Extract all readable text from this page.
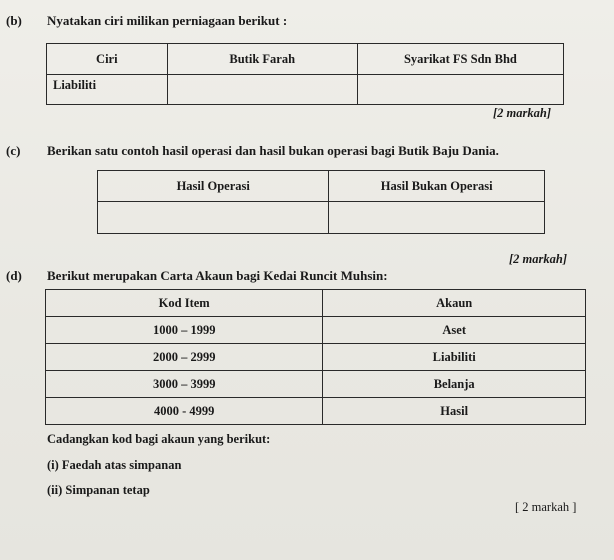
(b) Nyatakan ciri milikan perniagaan berikut :
Ciri	Butik Farah	Syarikat FS Sdn Bhd
Liabiliti		
[2 markah]
(c) Berikan satu contoh hasil operasi dan hasil bukan operasi bagi Butik Baju Dania.
Hasil Operasi	Hasil Bukan Operasi

[2 markah]
(d) Berikut merupakan Carta Akaun bagi Kedai Runcit Muhsin:
Kod Item	Akaun
1000 – 1999	Aset
2000 – 2999	Liabiliti
3000 – 3999	Belanja
4000 - 4999	Hasil
Cadangkan kod bagi akaun yang berikut:
(i) Faedah atas simpanan
(ii) Simpanan tetap
[ 2 markah ]
